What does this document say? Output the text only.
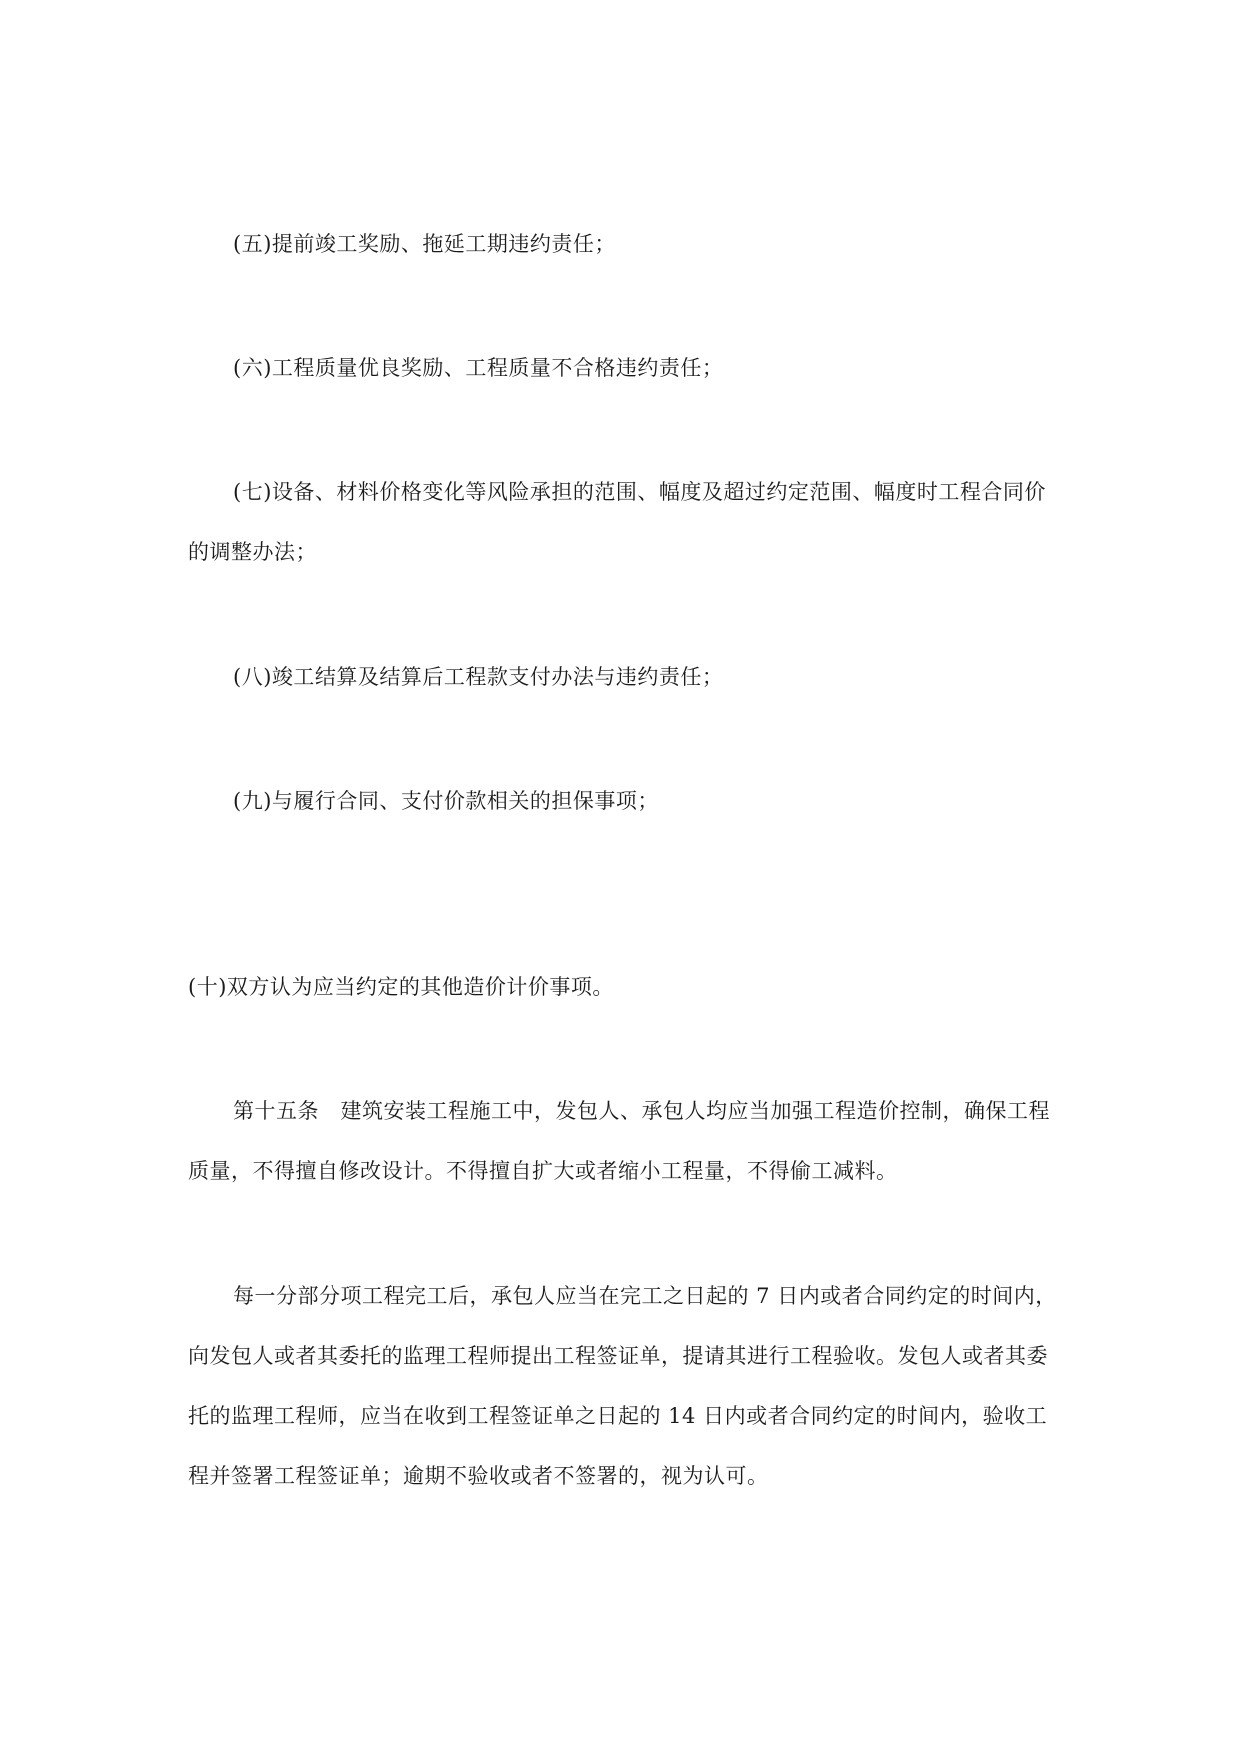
(五)提前竣工奖励、拖延工期违约责任；
(六)工程质量优良奖励、工程质量不合格违约责任；
(七)设备、材料价格变化等风险承担的范围、幅度及超过约定范围、幅度时工程合同价
的调整办法；
(八)竣工结算及结算后工程款支付办法与违约责任；
(九)与履行合同、支付价款相关的担保事项；
(十)双方认为应当约定的其他造价计价事项。
第十五条　建筑安装工程施工中，发包人、承包人均应当加强工程造价控制，确保工程
质量，不得擅自修改设计。不得擅自扩大或者缩小工程量，不得偷工减料。
每一分部分项工程完工后，承包人应当在完工之日起的 7 日内或者合同约定的时间内，
向发包人或者其委托的监理工程师提出工程签证单，提请其进行工程验收。发包人或者其委
托的监理工程师，应当在收到工程签证单之日起的 14 日内或者合同约定的时间内，验收工
程并签署工程签证单；逾期不验收或者不签署的，视为认可。
